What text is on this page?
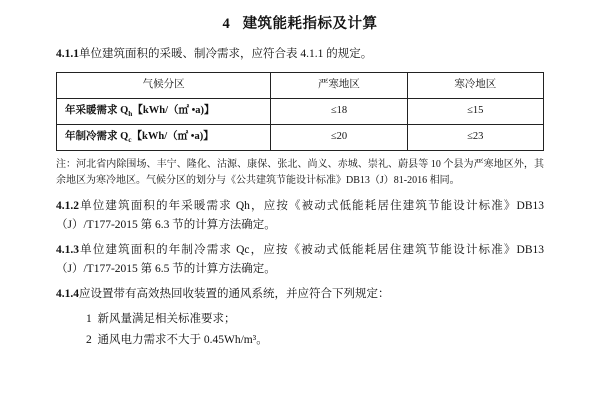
4   建筑能耗指标及计算

4.1.1单位建筑面积的采暖、制冷需求，应符合表 4.1.1 的规定。

气候分区	严寒地区	寒冷地区
年采暖需求 $Q_h$【kWh/（㎡ •a)】	≤18	≤15
年制冷需求 $Q_c$【kWh/（㎡ •a)】	≤20	≤23

注：河北省内除围场、丰宁、隆化、沽源、康保、张北、尚义、赤城、崇礼、蔚县等 10 个县为严寒地区外，其余地区为寒冷地区。气候分区的划分与《公共建筑节能设计标准》DB13（J）81-2016 相同。

4.1.2单位建筑面积的年采暖需求 Qh，应按《被动式低能耗居住建筑节能设计标准》DB13（J）/T177-2015 第 6.3 节的计算方法确定。

4.1.3单位建筑面积的年制冷需求 Qc，应按《被动式低能耗居住建筑节能设计标准》DB13（J）/T177-2015 第 6.5 节的计算方法确定。

4.1.4应设置带有高效热回收装置的通风系统，并应符合下列规定：

1 新风量满足相关标准要求；
2 通风电力需求不大于 0.45Wh/m³。
